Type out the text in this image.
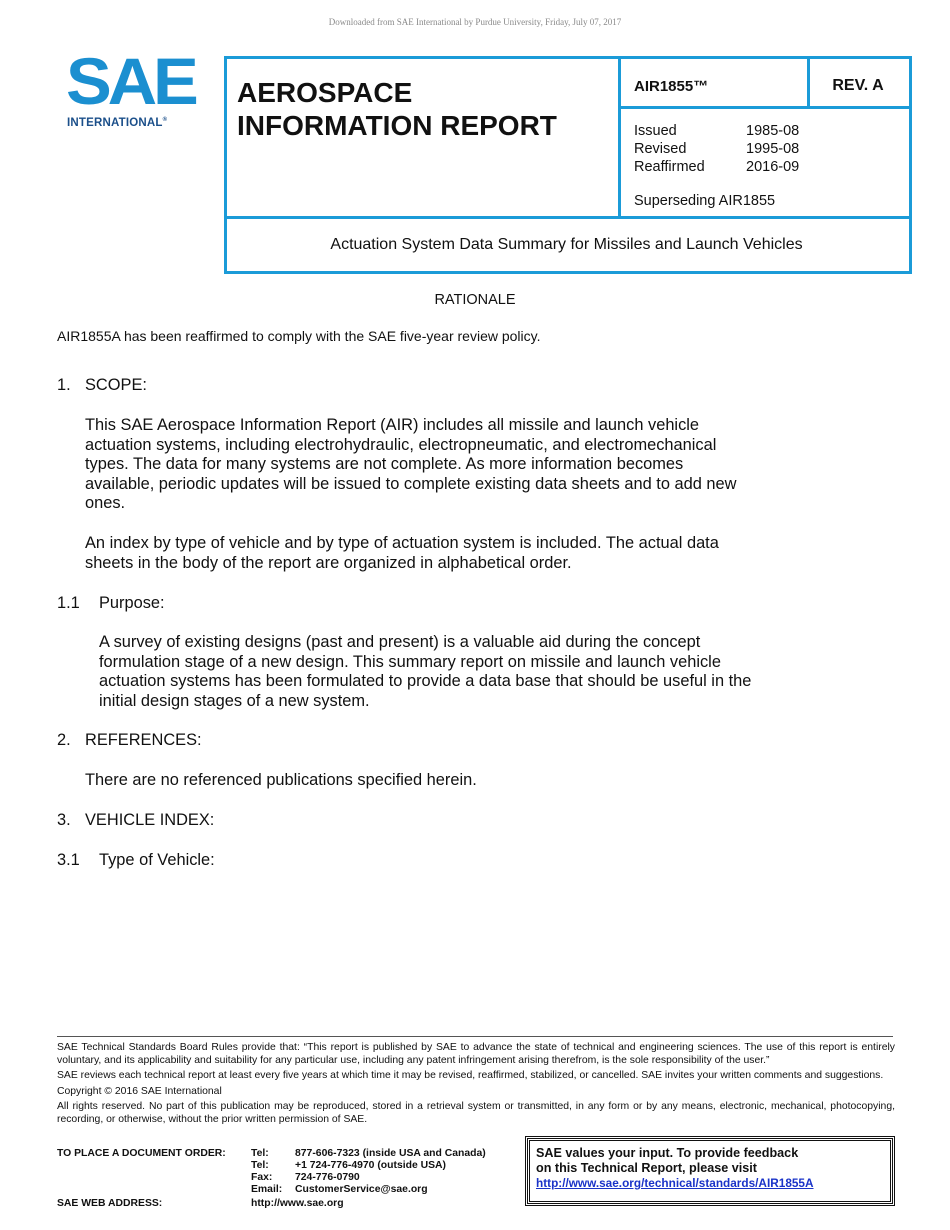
Downloaded from SAE International by Purdue University, Friday, July 07, 2017
SAE
INTERNATIONAL®
AEROSPACE
INFORMATION REPORT
AIR1855™	REV. A
Issued	1985-08
Revised	1995-08
Reaffirmed	2016-09
Superseding AIR1855
Actuation System Data Summary for Missiles and Launch Vehicles
RATIONALE
AIR1855A has been reaffirmed to comply with the SAE five-year review policy.
1. SCOPE:

This SAE Aerospace Information Report (AIR) includes all missile and launch vehicle

actuation systems, including electrohydraulic, electropneumatic, and electromechanical

types. The data for many systems are not complete. As more information becomes

available, periodic updates will be issued to complete existing data sheets and to add new

ones.

An index by type of vehicle and by type of actuation system is included. The actual data

sheets in the body of the report are organized in alphabetical order.

1.1 Purpose:

A survey of existing designs (past and present) is a valuable aid during the concept

formulation stage of a new design. This summary report on missile and launch vehicle

actuation systems has been formulated to provide a data base that should be useful in the

initial design stages of a new system.

2. REFERENCES:
There are no referenced publications specified herein.
3. VEHICLE INDEX:
3.1 Type of Vehicle:

SAE Technical Standards Board Rules provide that: “This report is published by SAE to advance the state of technical and engineering sciences. The use of this report is entirely voluntary, and its applicability and suitability for any particular use, including any patent infringement arising therefrom, is the sole responsibility of the user.”

SAE reviews each technical report at least every five years at which time it may be revised, reaffirmed, stabilized, or cancelled. SAE invites your written comments and suggestions.

Copyright © 2016 SAE International

All rights reserved. No part of this publication may be reproduced, stored in a retrieval system or transmitted, in any form or by any means, electronic, mechanical, photocopying, recording, or otherwise, without the prior written permission of SAE.

TO PLACE A DOCUMENT ORDER: Tel:	877-606-7323 (inside USA and Canada)
Tel:	+1 724-776-4970 (outside USA)
Fax:	724-776-0790
Email:	CustomerService@sae.org
SAE WEB ADDRESS:	http://www.sae.org
SAE values your input. To provide feedback
on this Technical Report, please visit
http://www.sae.org/technical/standards/AIR1855A
